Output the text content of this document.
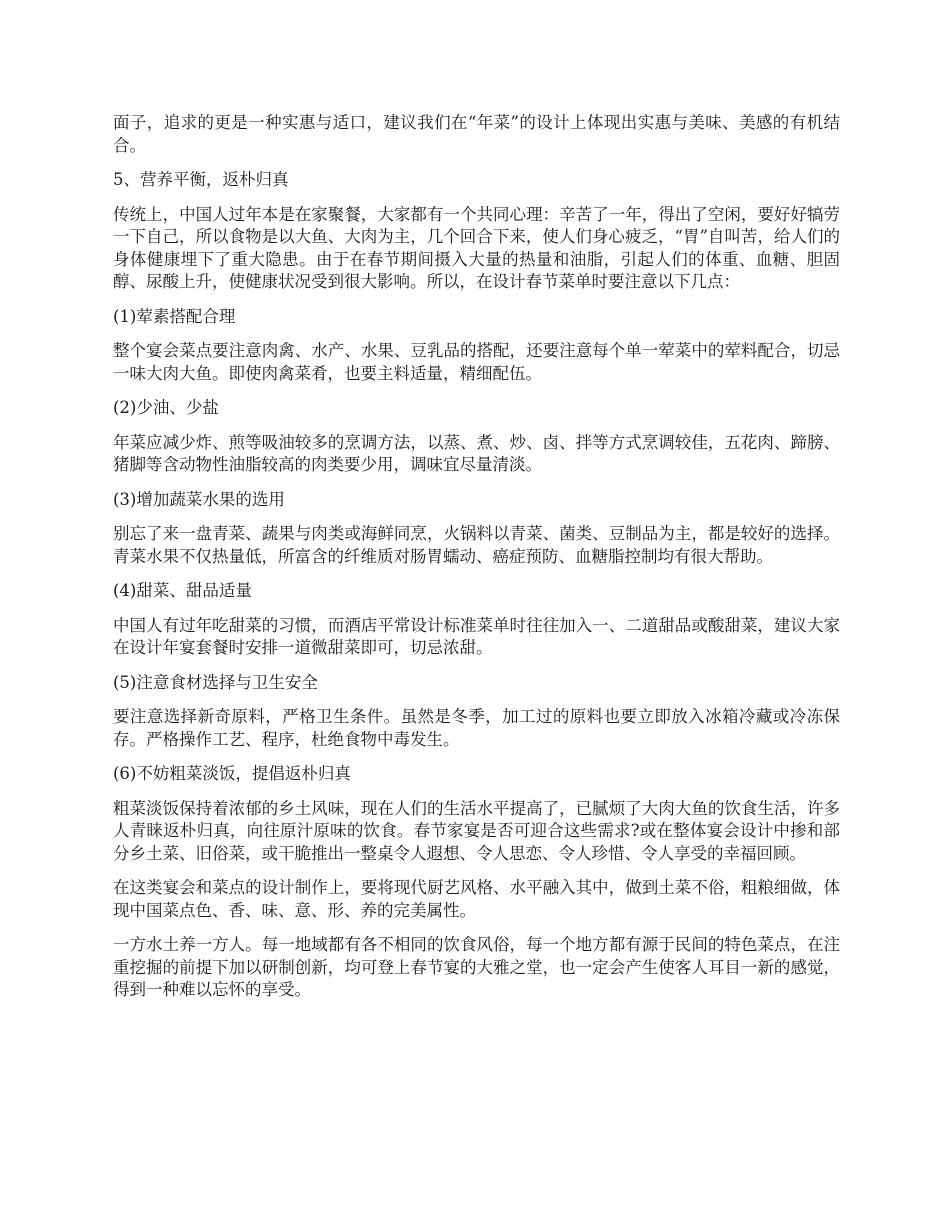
面子，追求的更是一种实惠与适口，建议我们在“年菜”的设计上体现出实惠与美味、美感的有机结合。

5、营养平衡，返朴归真

传统上，中国人过年本是在家聚餐，大家都有一个共同心理：辛苦了一年，得出了空闲，要好好犒劳一下自己，所以食物是以大鱼、大肉为主，几个回合下来，使人们身心疲乏，“胃”自叫苦，给人们的身体健康埋下了重大隐患。由于在春节期间摄入大量的热量和油脂，引起人们的体重、血糖、胆固醇、尿酸上升，使健康状况受到很大影响。所以，在设计春节菜单时要注意以下几点：

(1)荤素搭配合理

整个宴会菜点要注意肉禽、水产、水果、豆乳品的搭配，还要注意每个单一荤菜中的荤料配合，切忌一味大肉大鱼。即使肉禽菜肴，也要主料适量，精细配伍。

(2)少油、少盐

年菜应减少炸、煎等吸油较多的烹调方法，以蒸、煮、炒、卤、拌等方式烹调较佳，五花肉、蹄膀、猪脚等含动物性油脂较高的肉类要少用，调味宜尽量清淡。

(3)增加蔬菜水果的选用

别忘了来一盘青菜、蔬果与肉类或海鲜同烹，火锅料以青菜、菌类、豆制品为主，都是较好的选择。青菜水果不仅热量低，所富含的纤维质对肠胃蠕动、癌症预防、血糖脂控制均有很大帮助。

(4)甜菜、甜品适量

中国人有过年吃甜菜的习惯，而酒店平常设计标准菜单时往往加入一、二道甜品或酸甜菜，建议大家在设计年宴套餐时安排一道微甜菜即可，切忌浓甜。

(5)注意食材选择与卫生安全

要注意选择新奇原料，严格卫生条件。虽然是冬季，加工过的原料也要立即放入冰箱冷藏或冷冻保存。严格操作工艺、程序，杜绝食物中毒发生。

(6)不妨粗菜淡饭，提倡返朴归真

粗菜淡饭保持着浓郁的乡土风味，现在人们的生活水平提高了，已腻烦了大肉大鱼的饮食生活，许多人青睐返朴归真，向往原汁原味的饮食。春节家宴是否可迎合这些需求?或在整体宴会设计中掺和部分乡土菜、旧俗菜，或干脆推出一整桌令人遐想、令人思恋、令人珍惜、令人享受的幸福回顾。

在这类宴会和菜点的设计制作上，要将现代厨艺风格、水平融入其中，做到土菜不俗，粗粮细做，体现中国菜点色、香、味、意、形、养的完美属性。

一方水土养一方人。每一地域都有各不相同的饮食风俗，每一个地方都有源于民间的特色菜点，在注重挖掘的前提下加以研制创新，均可登上春节宴的大雅之堂，也一定会产生使客人耳目一新的感觉，得到一种难以忘怀的享受。
